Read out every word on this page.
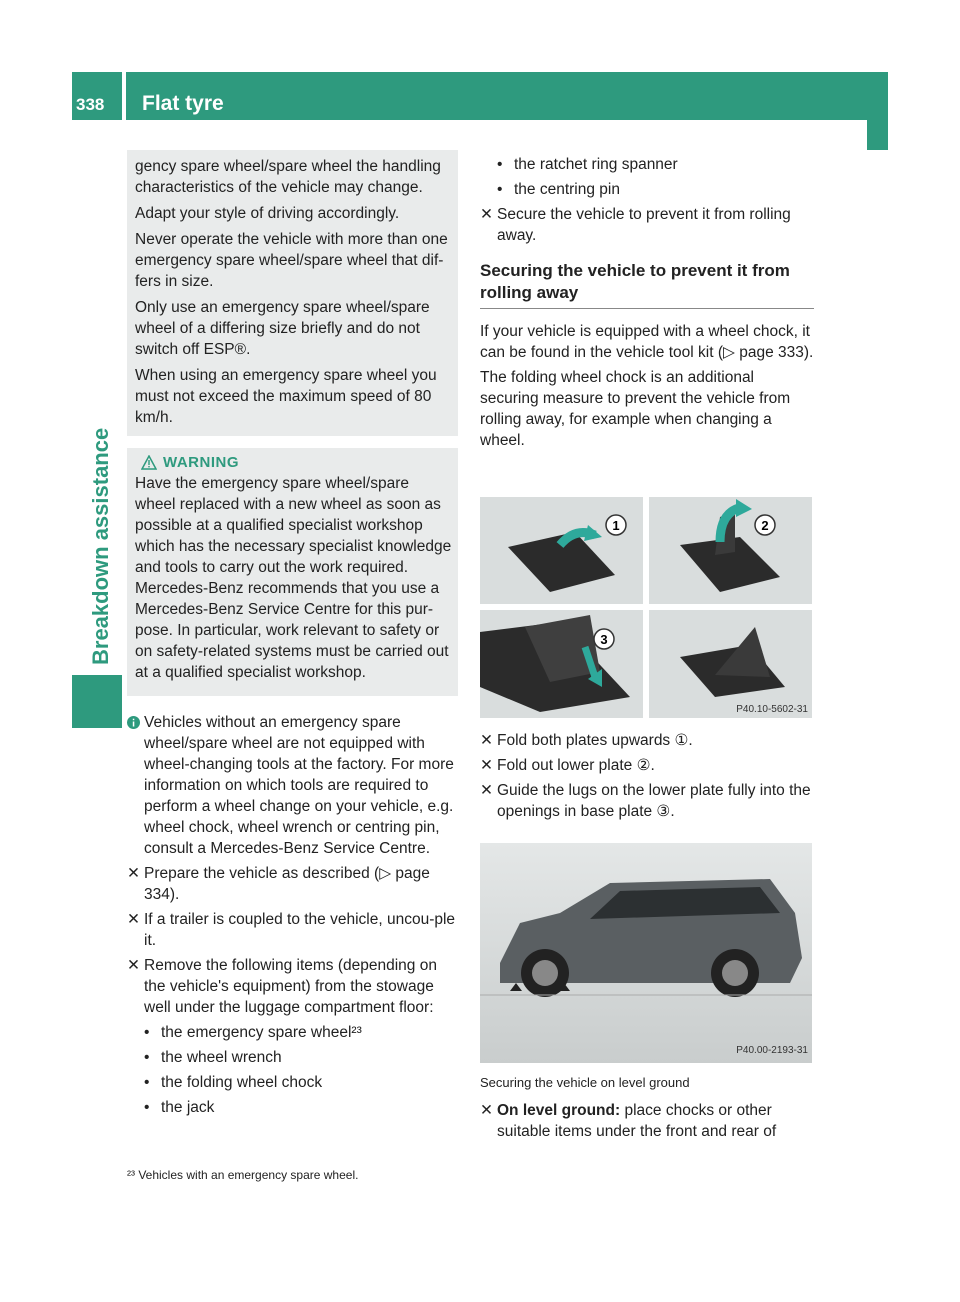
338 Flat tyre
Breakdown assistance

gency spare wheel/spare wheel the handling characteristics of the vehicle may change.

Adapt your style of driving accordingly.

Never operate the vehicle with more than one emergency spare wheel/spare wheel that dif-fers in size.

Only use an emergency spare wheel/spare wheel of a differing size briefly and do not switch off ESP®.

When using an emergency spare wheel you must not exceed the maximum speed of 80 km/h.

WARNING

Have the emergency spare wheel/spare wheel replaced with a new wheel as soon as possible at a qualified specialist workshop which has the necessary specialist knowledge and tools to carry out the work required. Mercedes-Benz recommends that you use a Mercedes-Benz Service Centre for this pur-pose. In particular, work relevant to safety or on safety-related systems must be carried out at a qualified specialist workshop.

Vehicles without an emergency spare wheel/spare wheel are not equipped with wheel-changing tools at the factory. For more information on which tools are required to perform a wheel change on your vehicle, e.g. wheel chock, wheel wrench or centring pin, consult a Mercedes-Benz Service Centre.

✕ Prepare the vehicle as described (▷ page 334).
✕ If a trailer is coupled to the vehicle, uncou-ple it.
✕ Remove the following items (depending on the vehicle's equipment) from the stowage well under the luggage compartment floor:
• the emergency spare wheel²³
• the wheel wrench
• the folding wheel chock
• the jack
²³ Vehicles with an emergency spare wheel.
• the ratchet ring spanner
• the centring pin
✕ Secure the vehicle to prevent it from rolling away.
Securing the vehicle to prevent it from rolling away

If your vehicle is equipped with a wheel chock, it can be found in the vehicle tool kit (▷ page 333).

The folding wheel chock is an additional securing measure to prevent the vehicle from rolling away, for example when changing a wheel.

1	2
3
P40.10-5602-31
✕ Fold both plates upwards ①.
✕ Fold out lower plate ②.
✕ Guide the lugs on the lower plate fully into the openings in base plate ③.
P40.00-2193-31
Securing the vehicle on level ground
✕ On level ground: place chocks or other suitable items under the front and rear of
